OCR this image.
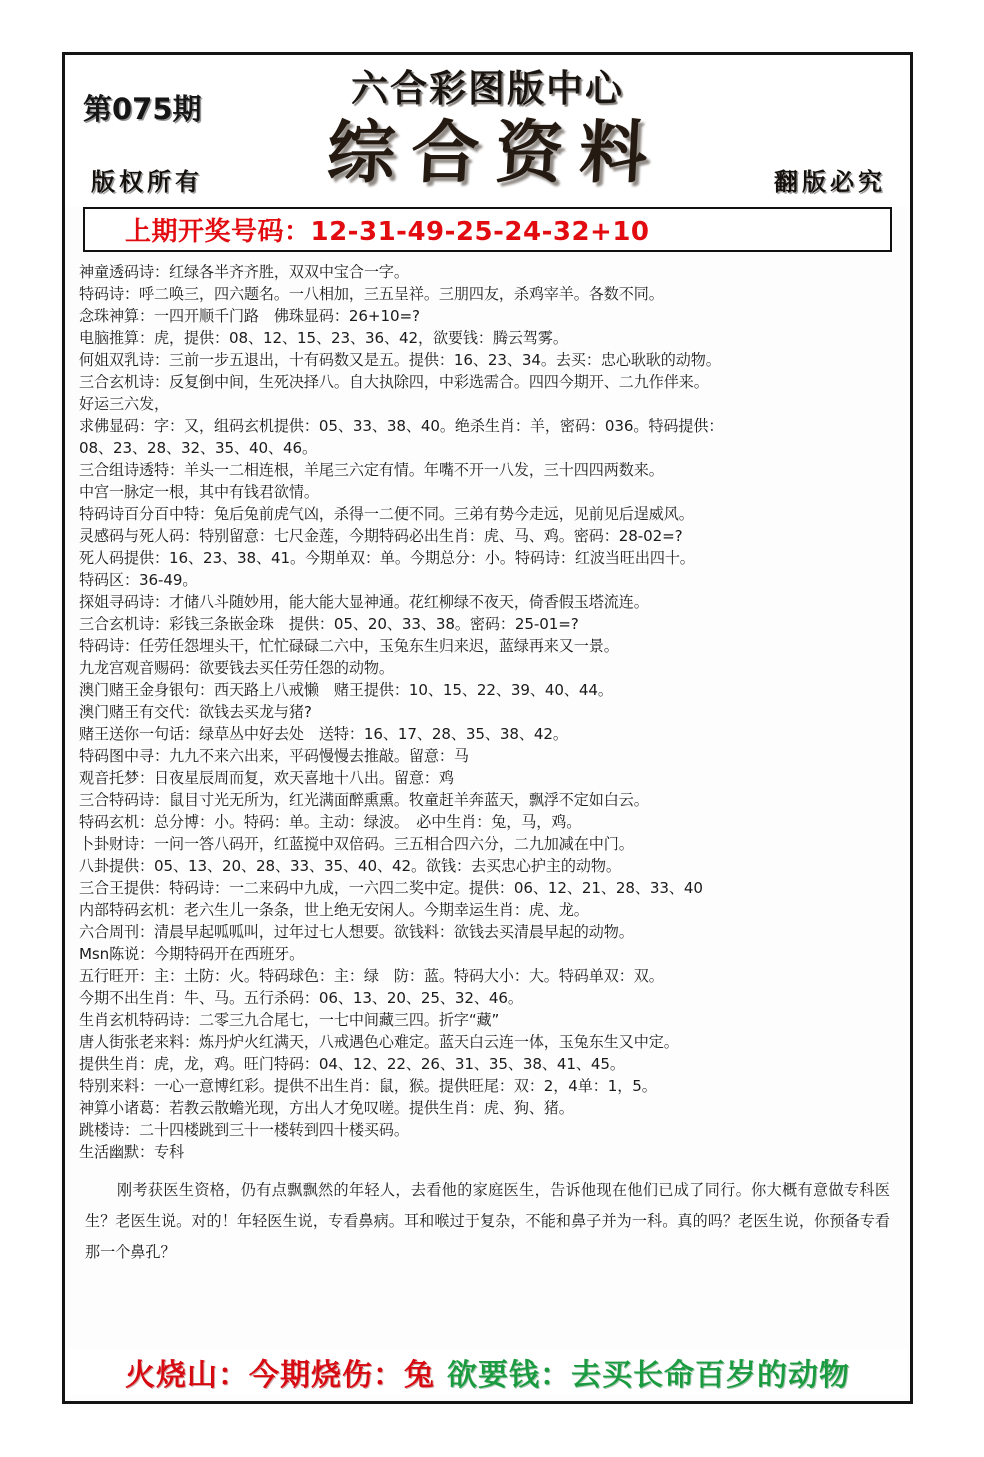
第075期	六合彩图版中心
综合资料
版权所有	翻版必究
上期开奖号码：12-31-49-25-24-32+10
神童透码诗：红绿各半齐齐胜，双双中宝合一字。
特码诗：呼二唤三，四六题名。一八相加，三五呈祥。三朋四友，杀鸡宰羊。各数不同。
念珠神算：一四开顺千门路　佛珠显码：26+10=?
电脑推算：虎，提供：08、12、15、23、36、42，欲要钱：腾云驾雾。
何姐双乳诗：三前一步五退出，十有码数又是五。提供：16、23、34。去买：忠心耿耿的动物。
三合玄机诗：反复倒中间，生死决择八。自大执除四，中彩选需合。四四今期开、二九作伴来。
好运三六发，
求佛显码：字：又，组码玄机提供：05、33、38、40。绝杀生肖：羊，密码：036。特码提供：
08、23、28、32、35、40、46。
三合组诗透特：羊头一二相连根，羊尾三六定有情。年嘴不开一八发，三十四四两数来。
中宫一脉定一根，其中有钱君欲情。
特码诗百分百中特：兔后兔前虎气凶，杀得一二便不同。三弟有势今走远，见前见后逞威风。
灵感码与死人码：特别留意：七尺金莲，今期特码必出生肖：虎、马、鸡。密码：28-02=?
死人码提供：16、23、38、41。今期单双：单。今期总分：小。特码诗：红波当旺出四十。
特码区：36-49。
探姐寻码诗：才储八斗随妙用，能大能大显神通。花红柳绿不夜天，倚香假玉塔流连。
三合玄机诗：彩钱三条嵌金珠　提供：05、20、33、38。密码：25-01=?
特码诗：任劳任怨埋头干，忙忙碌碌二六中，玉兔东生归来迟，蓝绿再来又一景。
九龙宫观音赐码：欲要钱去买任劳任怨的动物。
澳门赌王金身银句：西天路上八戒懒　赌王提供：10、15、22、39、40、44。
澳门赌王有交代：欲钱去买龙与猪?
赌王送你一句话：绿草丛中好去处　送特：16、17、28、35、38、42。
特码图中寻：九九不来六出来，平码慢慢去推敲。留意：马
观音托梦：日夜星辰周而复，欢天喜地十八出。留意：鸡
三合特码诗：鼠目寸光无所为，红光满面醉熏熏。牧童赶羊奔蓝天，飘浮不定如白云。
特码玄机：总分博：小。特码：单。主动：绿波。　必中生肖：兔，马，鸡。
卜卦财诗：一问一答八码开，红蓝搅中双倍码。三五相合四六分，二九加减在中门。
八卦提供：05、13、20、28、33、35、40、42。欲钱：去买忠心护主的动物。
三合王提供：特码诗：一二来码中九成，一六四二奖中定。提供：06、12、21、28、33、40
内部特码玄机：老六生儿一条条，世上绝无安闲人。今期幸运生肖：虎、龙。
六合周刊：清晨早起呱呱叫，过年过七人想要。欲钱料：欲钱去买清晨早起的动物。
Msn陈说：今期特码开在西班牙。
五行旺开：主：土防：火。特码球色：主：绿　防：蓝。特码大小：大。特码单双：双。
今期不出生肖：牛、马。五行杀码：06、13、20、25、32、46。
生肖玄机特码诗：二零三九合尾七，一七中间藏三四。折字“藏”
唐人街张老来料：炼丹炉火红满天，八戒遇色心难定。蓝天白云连一体，玉兔东生又中定。
提供生肖：虎，龙，鸡。旺门特码：04、12、22、26、31、35、38、41、45。
特别来料：一心一意博红彩。提供不出生肖：鼠，猴。提供旺尾：双：2，4单：1，5。
神算小诸葛：若教云散蟾光现，方出人才免叹嗟。提供生肖：虎、狗、猪。
跳楼诗：二十四楼跳到三十一楼转到四十楼买码。
生活幽默：专科
刚考获医生资格，仍有点飘飘然的年轻人，去看他的家庭医生，告诉他现在他们已成了同行。你大概有意做专科医生？老医生说。对的！年轻医生说，专看鼻病。耳和喉过于复杂，不能和鼻子并为一科。真的吗？老医生说，你预备专看那一个鼻孔？
火烧山：今期烧伤：兔 欲要钱：去买长命百岁的动物
